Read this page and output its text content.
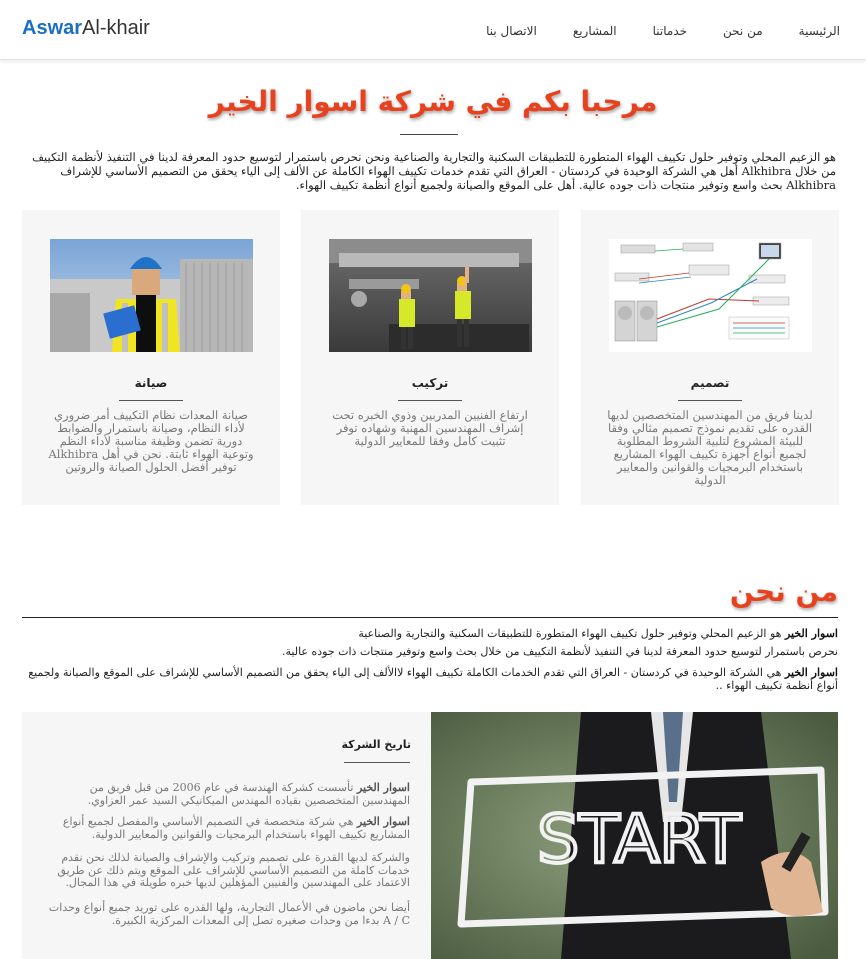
AswarAl-khair	الرئيسية
من نحن
خدماتنا
المشاريع
الاتصال بنا
مرحبا بكم في شركة اسوار الخير

هو الزعيم المحلي وتوفير حلول تكييف الهواء المتطورة للتطبيقات السكنية والتجارية والصناعية ونحن نحرص باستمرار لتوسيع حدود المعرفة لدينا في التنفيذ لأنظمة التكييف من خلال Alkhibra أهل هي الشركة الوحيدة في كردستان - العراق التي تقدم خدمات تكييف الهواء الكاملة عن الألف إلى الياء يحقق من التصميم الأساسي للإشراف Alkhibra بحث واسع وتوفير منتجات ذات جوده عالية. أهل على الموقع والصيانة ولجميع أنواع أنظمة تكييف الهواء.

تصميم

لدينا فريق من المهندسين المتخصصين لديها القدره على تقديم نموذج تصميم مثالي وفقا للبيئة المشروع لتلبية الشروط المطلوبة لجميع أنواع أجهزة تكييف الهواء المشاريع باستخدام البرمجيات والقوانين والمعايير الدولية

تركيب

ارتفاع الفنيين المدربين وذوي الخبره تحت إشراف المهندسين المهنية وشهاده توفر تثبيت كامل وفقا للمعايير الدولية

صيانة

صيانة المعدات نظام التكييف أمر ضروري لأداء النظام، وصيانة باستمرار والضوابط دورية تضمن وظيفة مناسبة لأداء النظم وتوعية الهواء ثابتة. نحن في أهل Alkhibra توفير أفضل الحلول الصيانة والروتين

من نحن

اسوار الخير هو الزعيم المحلي وتوفير حلول تكييف الهواء المتطورة للتطبيقات السكنية والتجارية والصناعية

نحرص باستمرار لتوسيع حدود المعرفة لدينا في التنفيذ لأنظمة التكييف من خلال بحث واسع وتوفير منتجات ذات جوده عالية.

اسوار الخير هي الشركة الوحيدة في كردستان - العراق التي تقدم الخدمات الكاملة تكييف الهواء لاالألف إلى الياء يحقق من التصميم الأساسي للإشراف على الموقع والصيانة ولجميع أنواع أنظمة تكييف الهواء ..

تاريخ الشركة

اسوار الخير تأسست كشركة الهندسة في عام 2006 من قبل فريق من المهندسين المتخصصين بقياده المهندس الميكانيكي السيد عمر العزاوي.

اسوار الخير هي شركة متخصصة في التصميم الأساسي والمفصل لجميع أنواع المشاريع تكييف الهواء باستخدام البرمجيات والقوانين والمعايير الدولية.

والشركة لديها القدرة على تصميم وتركيب والإشراف والصيانة لذلك نحن نقدم خدمات كاملة من التصميم الأساسي للإشراف على الموقع ويتم ذلك عن طريق الاعتماد على المهندسين والفنيين المؤهلين لديها خبره طويلة في هذا المجال.

أيضا نحن ماضون في الأعمال التجارية، ولها القدره على توريد جميع أنواع وحدات A / C بدءا من وحدات صغيره تصل إلى المعدات المركزية الكبيرة.

START
